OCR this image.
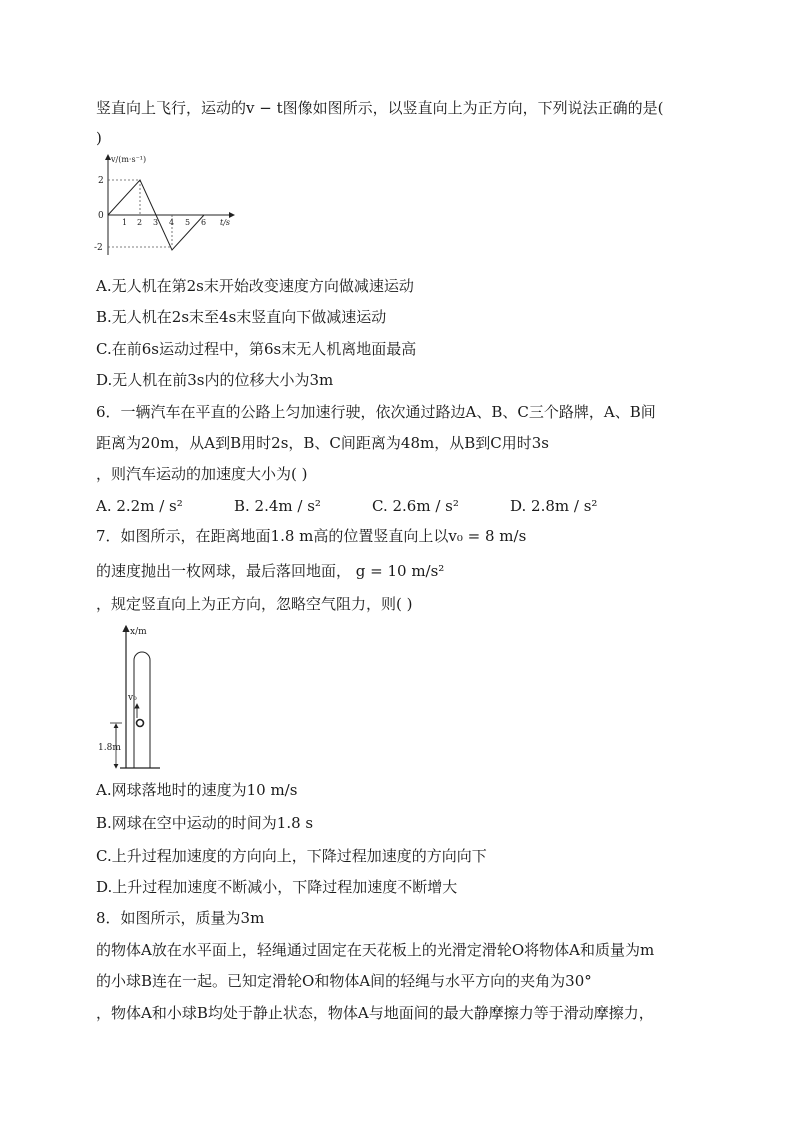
竖直向上飞行，运动的v − t图像如图所示，以竖直向上为正方向，下列说法正确的是(
)
v/(m·s⁻¹)
t/s
2
0
-2
1 2 3 4 5 6
A.无人机在第2s末开始改变速度方向做减速运动
B.无人机在2s末至4s末竖直向下做减速运动
C.在前6s运动过程中，第6s末无人机离地面最高
D.无人机在前3s内的位移大小为3m
6．一辆汽车在平直的公路上匀加速行驶，依次通过路边A、B、C三个路牌，A、B间
距离为20m，从A到B用时2s，B、C间距离为48m，从B到C用时3s
，则汽车运动的加速度大小为( )
A. 2.2m / s²	B. 2.4m / s²	C. 2.6m / s²	D. 2.8m / s²
7．如图所示，在距离地面1.8 m高的位置竖直向上以v₀ = 8 m/s
的速度抛出一枚网球，最后落回地面， g = 10 m/s²
，规定竖直向上为正方向，忽略空气阻力，则( )
x/m
v₀
1.8m
A.网球落地时的速度为10 m/s
B.网球在空中运动的时间为1.8 s
C.上升过程加速度的方向向上，下降过程加速度的方向向下
D.上升过程加速度不断减小，下降过程加速度不断增大
8．如图所示，质量为3m
的物体A放在水平面上，轻绳通过固定在天花板上的光滑定滑轮O将物体A和质量为m
的小球B连在一起。已知定滑轮O和物体A间的轻绳与水平方向的夹角为30°
，物体A和小球B均处于静止状态，物体A与地面间的最大静摩擦力等于滑动摩擦力，
